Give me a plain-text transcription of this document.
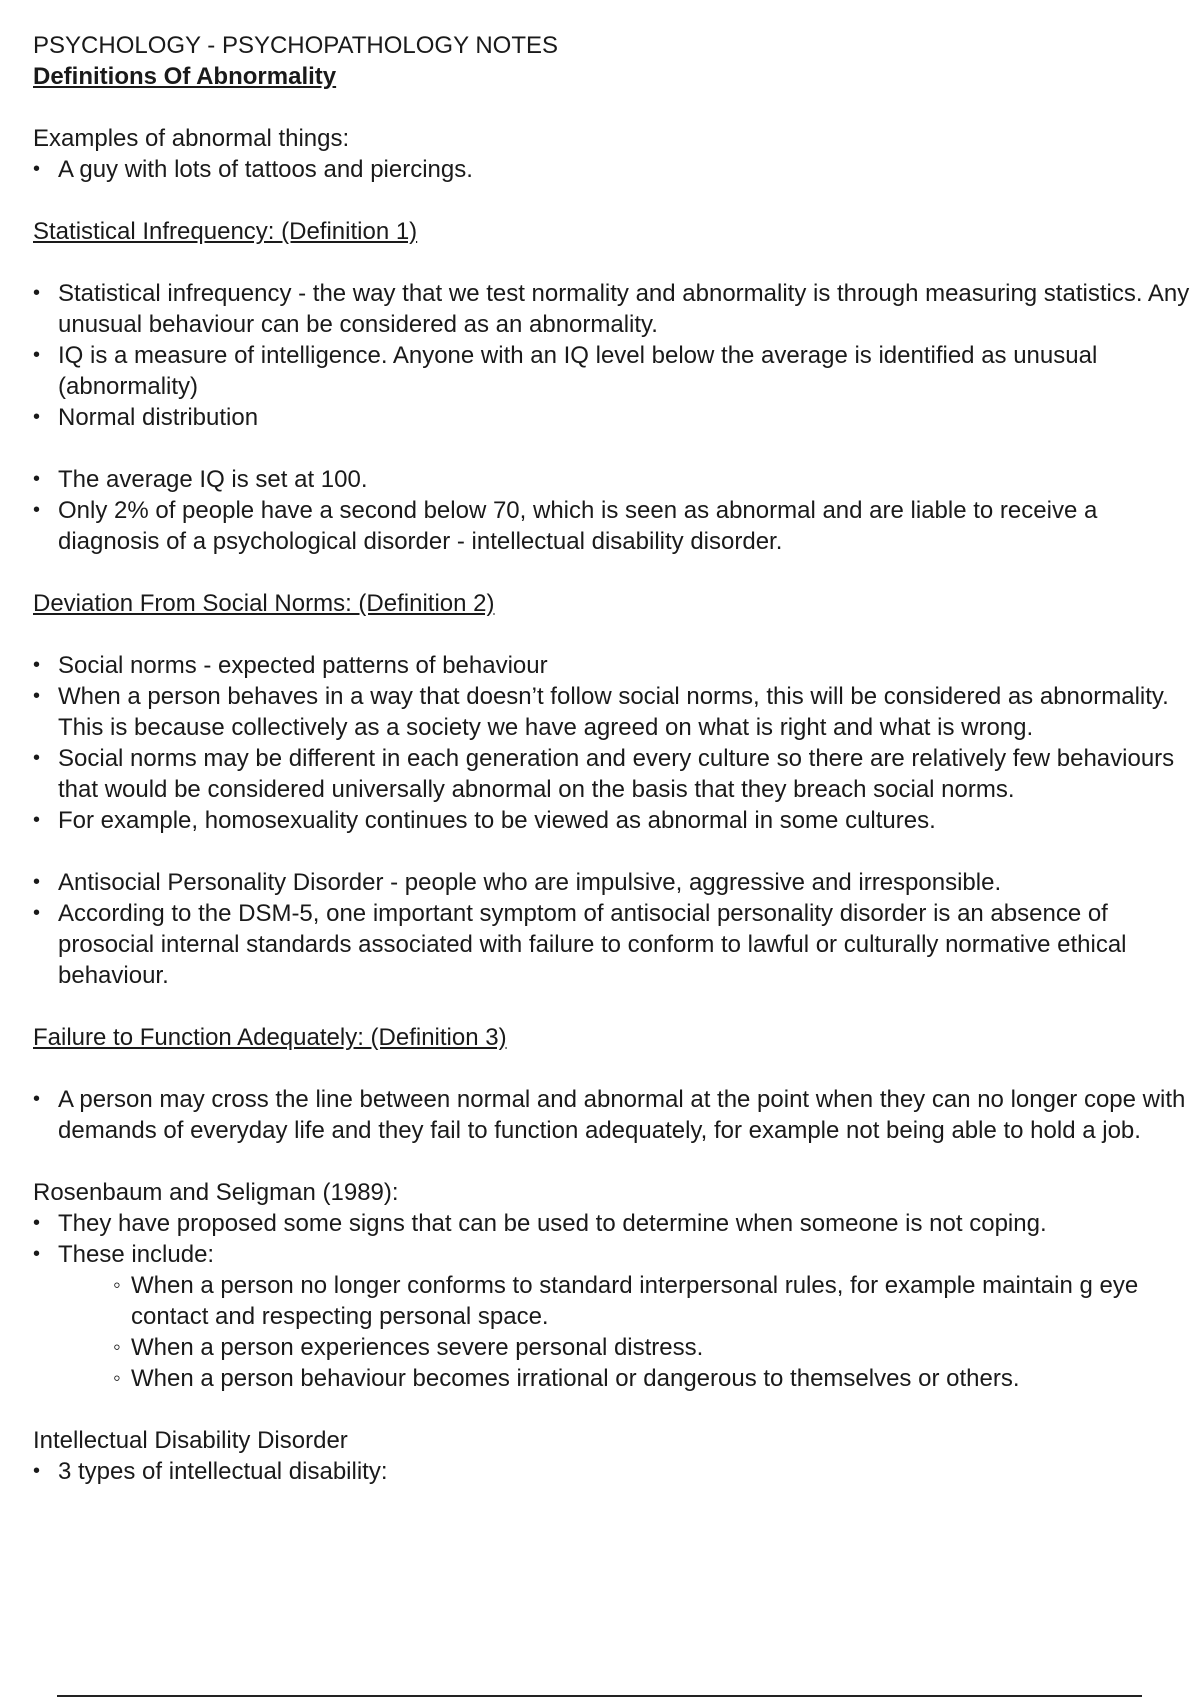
PSYCHOLOGY - PSYCHOPATHOLOGY NOTES

Definitions Of Abnormality

Examples of abnormal things:

• A guy with lots of tattoos and piercings.

Statistical Infrequency: (Definition 1)

• Statistical infrequency - the way that we test normality and abnormality is through measuring statistics. Any unusual behaviour can be considered as an abnormality.
• IQ is a measure of intelligence. Anyone with an IQ level below the average is identified as unusual (abnormality)
• Normal distribution
• The average IQ is set at 100.
• Only 2% of people have a second below 70, which is seen as abnormal and are liable to receive a diagnosis of a psychological disorder - intellectual disability disorder.

Deviation From Social Norms: (Definition 2)

• Social norms - expected patterns of behaviour
• When a person behaves in a way that doesn’t follow social norms, this will be considered as abnormality. This is because collectively as a society we have agreed on what is right and what is wrong.
• Social norms may be different in each generation and every culture so there are relatively few behaviours that would be considered universally abnormal on the basis that they breach social norms.
• For example, homosexuality continues to be viewed as abnormal in some cultures.
• Antisocial Personality Disorder - people who are impulsive, aggressive and irresponsible.
• According to the DSM-5, one important symptom of antisocial personality disorder is an absence of prosocial internal standards associated with failure to conform to lawful or culturally normative ethical behaviour.

Failure to Function Adequately: (Definition 3)

• A person may cross the line between normal and abnormal at the point when they can no longer cope with demands of everyday life and they fail to function adequately, for example not being able to hold a job.

Rosenbaum and Seligman (1989):

• They have proposed some signs that can be used to determine when someone is not coping.
• These include:
◦ When a person no longer conforms to standard interpersonal rules, for example maintain g eye contact and respecting personal space.
◦ When a person experiences severe personal distress.
◦ When a person behaviour becomes irrational or dangerous to themselves or others.

Intellectual Disability Disorder

• 3 types of intellectual disability:
